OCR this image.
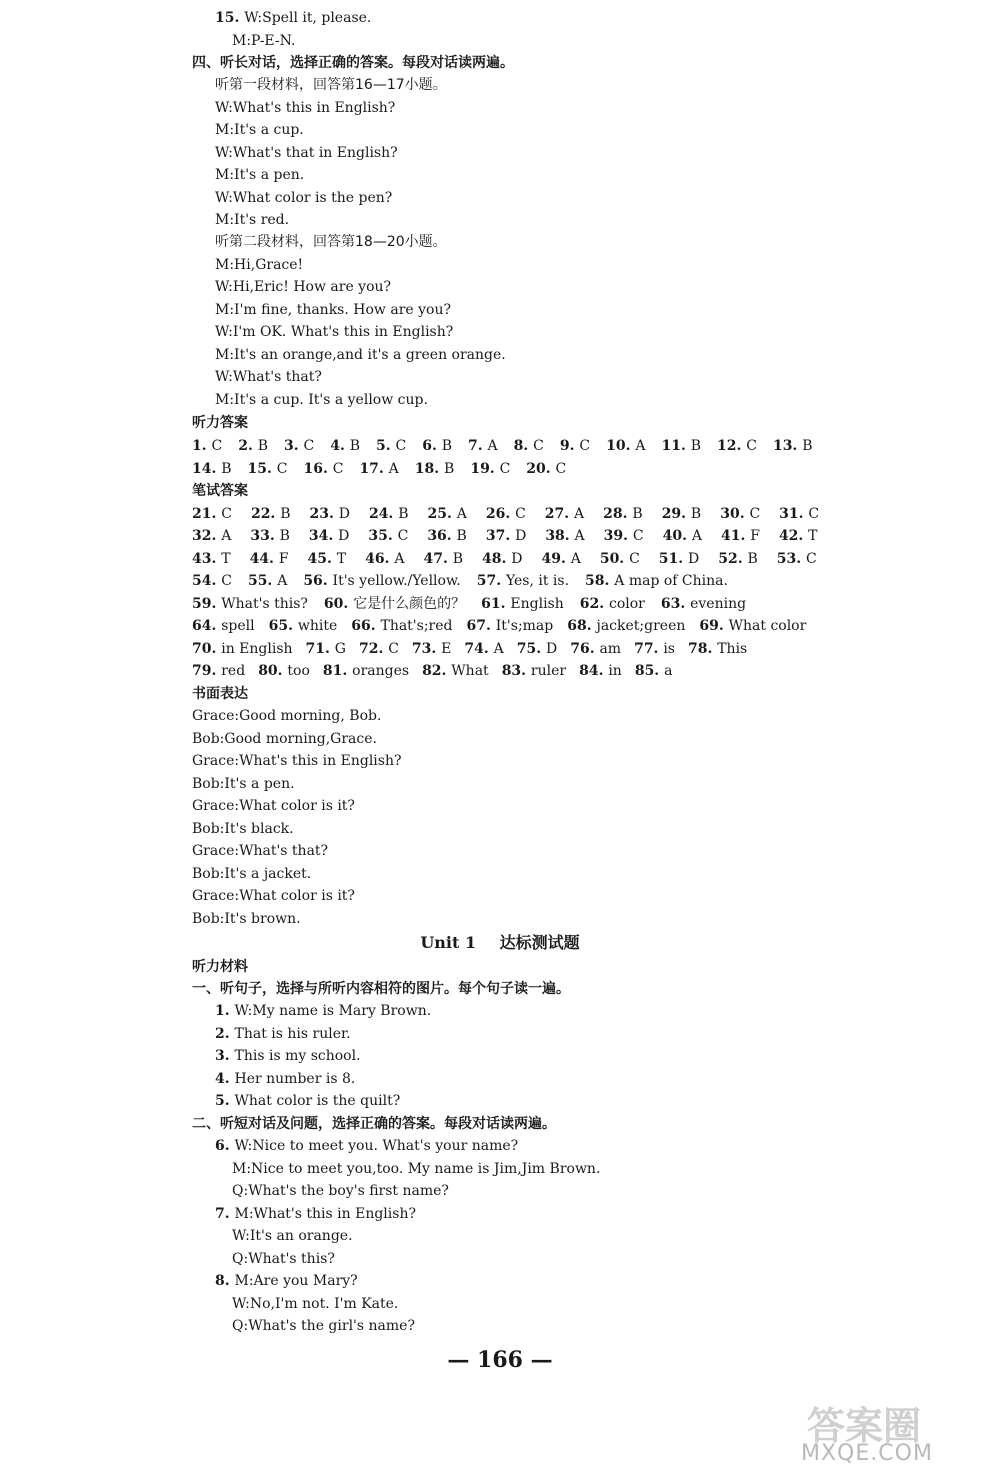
15. W:Spell it, please.
M:P-E-N.
四、听长对话，选择正确的答案。每段对话读两遍。
听第一段材料，回答第16—17小题。
W:What's this in English?
M:It's a cup.
W:What's that in English?
M:It's a pen.
W:What color is the pen?
M:It's red.
听第二段材料，回答第18—20小题。
M:Hi,Grace!
W:Hi,Eric! How are you?
M:I'm fine, thanks. How are you?
W:I'm OK. What's this in English?
M:It's an orange,and it's a green orange.
W:What's that?
M:It's a cup. It's a yellow cup.
听力答案
1. C 2. B 3. C 4. B 5. C 6. B 7. A 8. C 9. C 10. A 11. B 12. C 13. B
14. B 15. C 16. C 17. A 18. B 19. C 20. C
笔试答案
21. C 22. B 23. D 24. B 25. A 26. C 27. A 28. B 29. B 30. C 31. C
32. A 33. B 34. D 35. C 36. B 37. D 38. A 39. C 40. A 41. F 42. T
43. T 44. F 45. T 46. A 47. B 48. D 49. A 50. C 51. D 52. B 53. C
54. C 55. A 56. It's yellow./Yellow. 57. Yes, it is. 58. A map of China.
59. What's this? 60. 它是什么颜色的？ 61. English 62. color 63. evening
64. spell 65. white 66. That's;red 67. It's;map 68. jacket;green 69. What color
70. in English 71. G 72. C 73. E 74. A 75. D 76. am 77. is 78. This
79. red 80. too 81. oranges 82. What 83. ruler 84. in 85. a
书面表达
Grace:Good morning, Bob.
Bob:Good morning,Grace.
Grace:What's this in English?
Bob:It's a pen.
Grace:What color is it?
Bob:It's black.
Grace:What's that?
Bob:It's a jacket.
Grace:What color is it?
Bob:It's brown.
Unit 1 达标测试题
听力材料
一、听句子，选择与所听内容相符的图片。每个句子读一遍。
1. W:My name is Mary Brown.
2. That is his ruler.
3. This is my school.
4. Her number is 8.
5. What color is the quilt?
二、听短对话及问题，选择正确的答案。每段对话读两遍。
6. W:Nice to meet you. What's your name?
M:Nice to meet you,too. My name is Jim,Jim Brown.
Q:What's the boy's first name?
7. M:What's this in English?
W:It's an orange.
Q:What's this?
8. M:Are you Mary?
W:No,I'm not. I'm Kate.
Q:What's the girl's name?
— 166 —
答案圈
MXQE.COM
